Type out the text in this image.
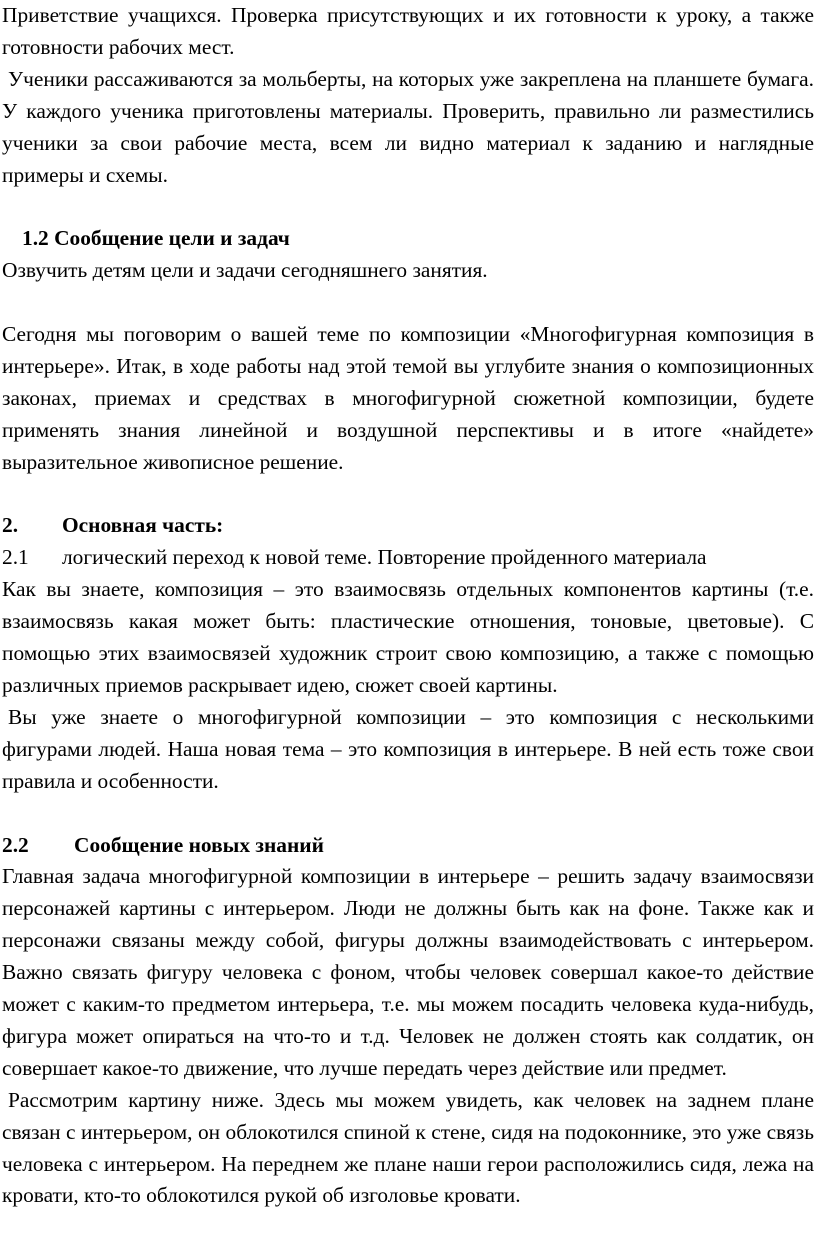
Приветствие учащихся. Проверка присутствующих и их готовности к уроку, а также готовности рабочих мест.

Ученики рассаживаются за мольберты, на которых уже закреплена на планшете бумага. У каждого ученика приготовлены материалы. Проверить, правильно ли разместились ученики за свои рабочие места, всем ли видно материал к заданию и наглядные примеры и схемы.

1.2 Сообщение цели и задач

Озвучить детям цели и задачи сегодняшнего занятия.

Сегодня мы поговорим о вашей теме по композиции «Многофигурная композиция в интерьере». Итак, в ходе работы над этой темой вы углубите знания о композиционных законах, приемах и средствах в многофигурной сюжетной композиции, будете применять знания линейной и воздушной перспективы и в итоге «найдете» выразительное живописное решение.

2. Основная часть:

2.1 логический переход к новой теме. Повторение пройденного материала

Как вы знаете, композиция – это взаимосвязь отдельных компонентов картины (т.е. взаимосвязь какая может быть: пластические отношения, тоновые, цветовые). С помощью этих взаимосвязей художник строит свою композицию, а также с помощью различных приемов раскрывает идею, сюжет своей картины.

Вы уже знаете о многофигурной композиции – это композиция с несколькими фигурами людей. Наша новая тема – это композиция в интерьере. В ней есть тоже свои правила и особенности.

2.2 Сообщение новых знаний

Главная задача многофигурной композиции в интерьере – решить задачу взаимосвязи персонажей картины с интерьером. Люди не должны быть как на фоне. Также как и персонажи связаны между собой, фигуры должны взаимодействовать с интерьером. Важно связать фигуру человека с фоном, чтобы человек совершал какое-то действие может с каким-то предметом интерьера, т.е. мы можем посадить человека куда-нибудь, фигура может опираться на что-то и т.д. Человек не должен стоять как солдатик, он совершает какое-то движение, что лучше передать через действие или предмет.

Рассмотрим картину ниже. Здесь мы можем увидеть, как человек на заднем плане связан с интерьером, он облокотился спиной к стене, сидя на подоконнике, это уже связь человека с интерьером. На переднем же плане наши герои расположились сидя, лежа на кровати, кто-то облокотился рукой об изголовье кровати.
